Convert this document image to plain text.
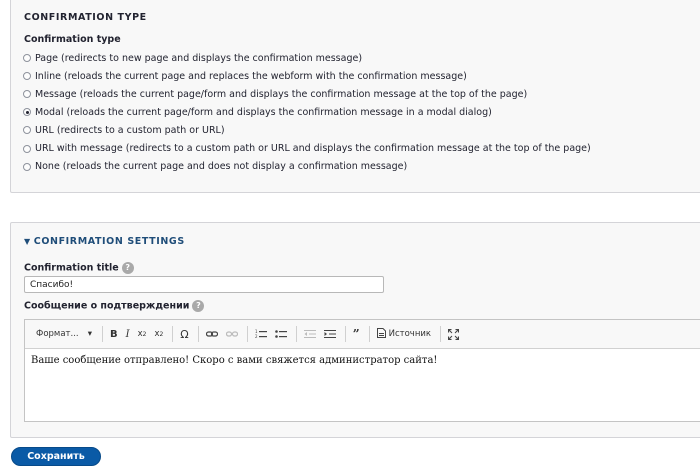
CONFIRMATION TYPE
Confirmation type
Page (redirects to new page and displays the confirmation message)
Inline (reloads the current page and replaces the webform with the confirmation message)
Message (reloads the current page/form and displays the confirmation message at the top of the page)
Modal (reloads the current page/form and displays the confirmation message in a modal dialog)
URL (redirects to a custom path or URL)
URL with message (redirects to a custom path or URL and displays the confirmation message at the top of the page)
None (reloads the current page and does not display a confirmation message)
▼ CONFIRMATION SETTINGS
Confirmation title ?
Спасибо!
Сообщение о подтверждении ?
Формат... ▾	B I x 2 x 2 Ω	1
2	”	Источник
Ваше сообщение отправлено! Скоро с вами свяжется администратор сайта!
Сохранить
